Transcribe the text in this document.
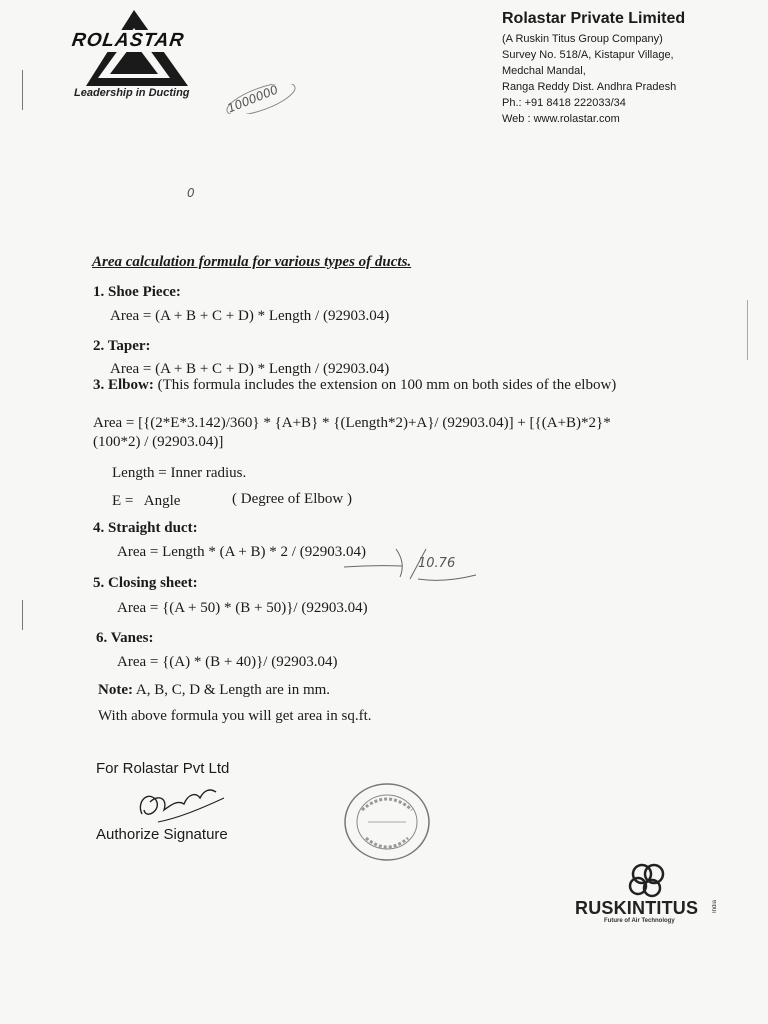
ROLASTAR
Leadership in Ducting
Rolastar Private Limited
(A Ruskin Titus Group Company)
Survey No. 518/A, Kistapur Village,
Medchal Mandal,
Ranga Reddy Dist. Andhra Pradesh
Ph.: +91 8418 222033/34
Web : www.rolastar.com
1000000
0
Area calculation formula for various types of ducts.
1. Shoe Piece:
Area = (A + B + C + D) * Length / (92903.04)
2. Taper:
Area = (A + B + C + D) * Length / (92903.04)
3. Elbow: (This formula includes the extension on 100 mm on both sides of the elbow)
Area = [{(2*E*3.142)/360} * {A+B} * {(Length*2)+A}/ (92903.04)] + [{(A+B)*2}*(100*2) / (92903.04)]
Length = Inner radius.
E =   Angle	( Degree of Elbow )
4. Straight duct:
Area = Length * (A + B) * 2 / (92903.04)
10.76
5. Closing sheet:
Area = {(A + 50) * (B + 50)}/ (92903.04)
6. Vanes:
Area = {(A) * (B + 40)}/ (92903.04)
Note: A, B, C, D & Length are in mm.
With above formula you will get area in sq.ft.
For Rolastar Pvt Ltd
Authorize Signature
RUSKINTITUS India
Future of Air Technology
